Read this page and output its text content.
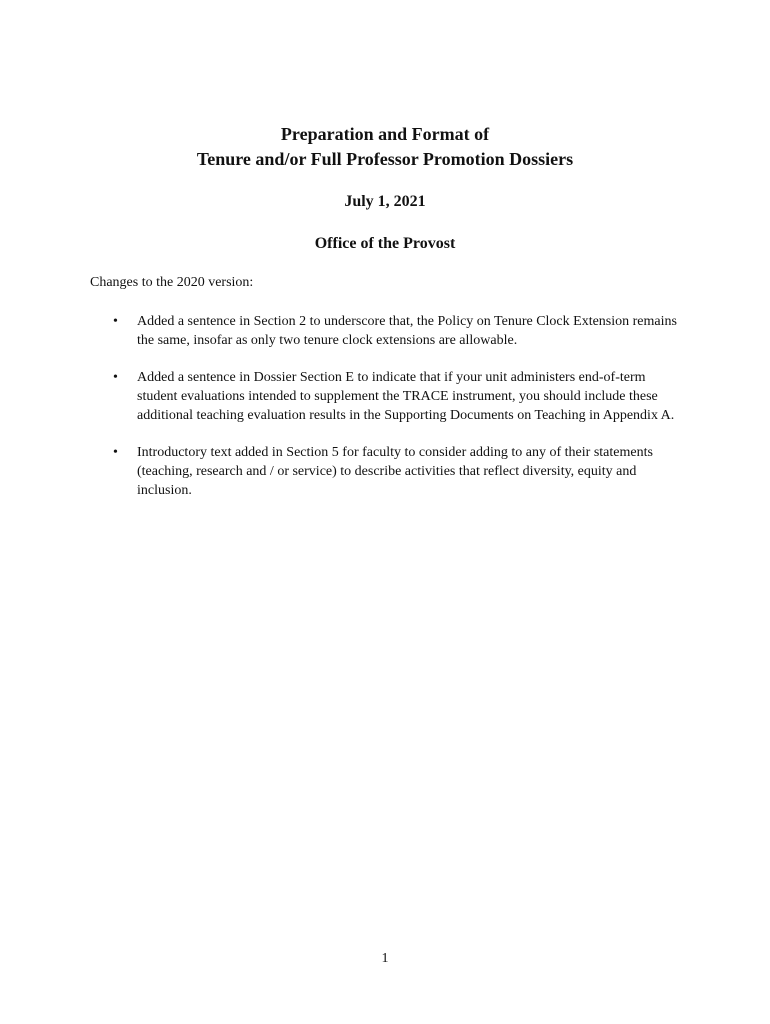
Preparation and Format of
Tenure and/or Full Professor Promotion Dossiers
July 1, 2021
Office of the Provost
Changes to the 2020 version:
• Added a sentence in Section 2 to underscore that, the Policy on Tenure Clock Extension remains the same, insofar as only two tenure clock extensions are allowable.
• Added a sentence in Dossier Section E to indicate that if your unit administers end-of-term student evaluations intended to supplement the TRACE instrument, you should include these additional teaching evaluation results in the Supporting Documents on Teaching in Appendix A.
• Introductory text added in Section 5 for faculty to consider adding to any of their statements (teaching, research and / or service) to describe activities that reflect diversity, equity and inclusion.
1
